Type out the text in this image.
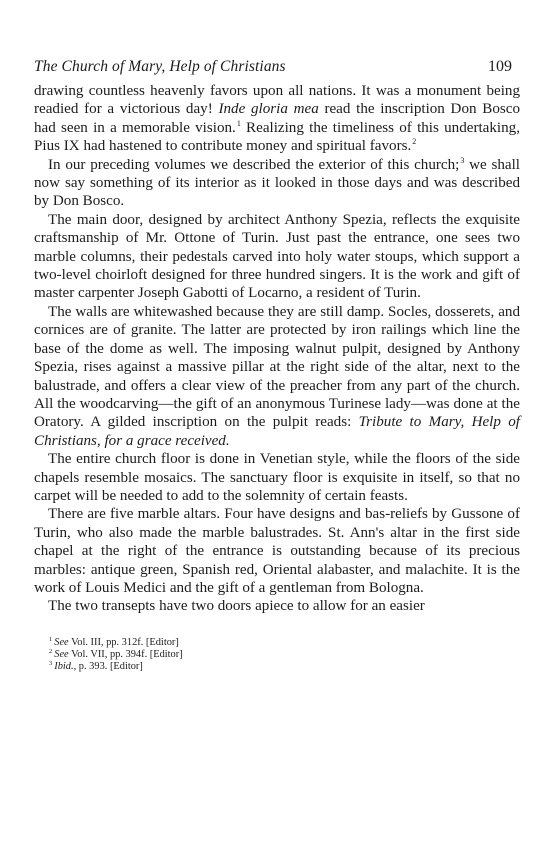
The Church of Mary, Help of Christians	109

drawing countless heavenly favors upon all nations. It was a monument being readied for a victorious day! Inde gloria mea read the inscription Don Bosco had seen in a memorable vision.$^1$ Realizing the timeliness of this undertaking, Pius IX had hastened to contribute money and spiritual favors.$^2$

In our preceding volumes we described the exterior of this church;$^3$ we shall now say something of its interior as it looked in those days and was described by Don Bosco.

The main door, designed by architect Anthony Spezia, reflects the exquisite craftsmanship of Mr. Ottone of Turin. Just past the entrance, one sees two marble columns, their pedestals carved into holy water stoups, which support a two-level choirloft designed for three hundred singers. It is the work and gift of master carpenter Joseph Gabotti of Locarno, a resident of Turin.

The walls are whitewashed because they are still damp. Socles, dosserets, and cornices are of granite. The latter are protected by iron railings which line the base of the dome as well. The imposing walnut pulpit, designed by Anthony Spezia, rises against a massive pillar at the right side of the altar, next to the balustrade, and offers a clear view of the preacher from any part of the church. All the woodcarving—the gift of an anonymous Turinese lady—was done at the Oratory. A gilded inscription on the pulpit reads: Tribute to Mary, Help of Christians, for a grace received.

The entire church floor is done in Venetian style, while the floors of the side chapels resemble mosaics. The sanctuary floor is exquisite in itself, so that no carpet will be needed to add to the solemnity of certain feasts.

There are five marble altars. Four have designs and bas-reliefs by Gussone of Turin, who also made the marble balustrades. St. Ann's altar in the first side chapel at the right of the entrance is outstanding because of its precious marbles: antique green, Spanish red, Oriental alabaster, and malachite. It is the work of Louis Medici and the gift of a gentleman from Bologna.

The two transepts have two doors apiece to allow for an easier

$^1$ See Vol. III, pp. 312f. [Editor]

$^2$ See Vol. VII, pp. 394f. [Editor]

$^3$ Ibid., p. 393. [Editor]
